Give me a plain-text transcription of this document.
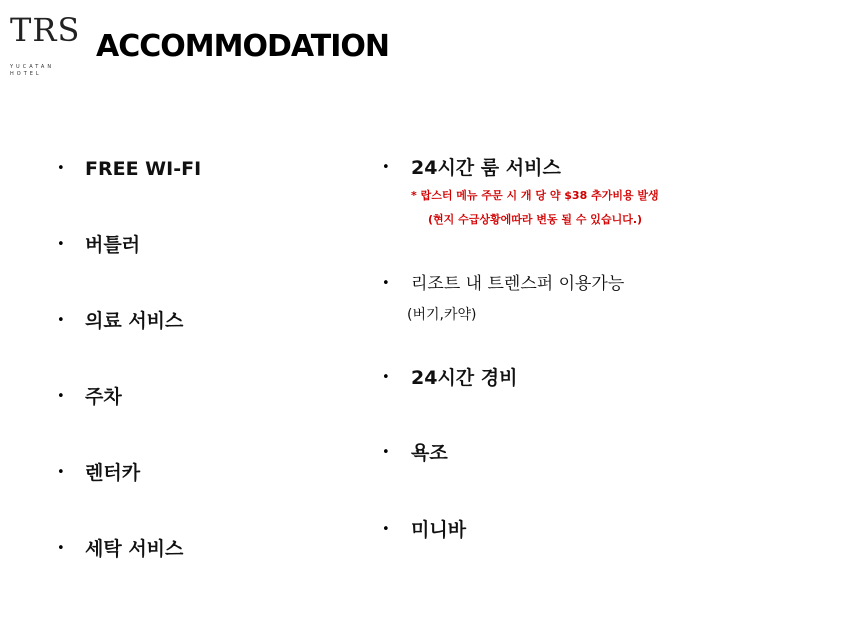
TRS
YUCATAN
HOTEL
ACCOMMODATION
• FREE WI-FI
• 버틀러
• 의료 서비스
• 주차
• 렌터카
• 세탁 서비스
• 24시간 룸 서비스
* 랍스터 메뉴 주문 시 개 당 약 $38 추가비용 발생
(현지 수급상황에따라 변동 될 수 있습니다.)
• 리조트 내 트렌스퍼 이용가능
(버기,카약)
• 24시간 경비
• 욕조
• 미니바
